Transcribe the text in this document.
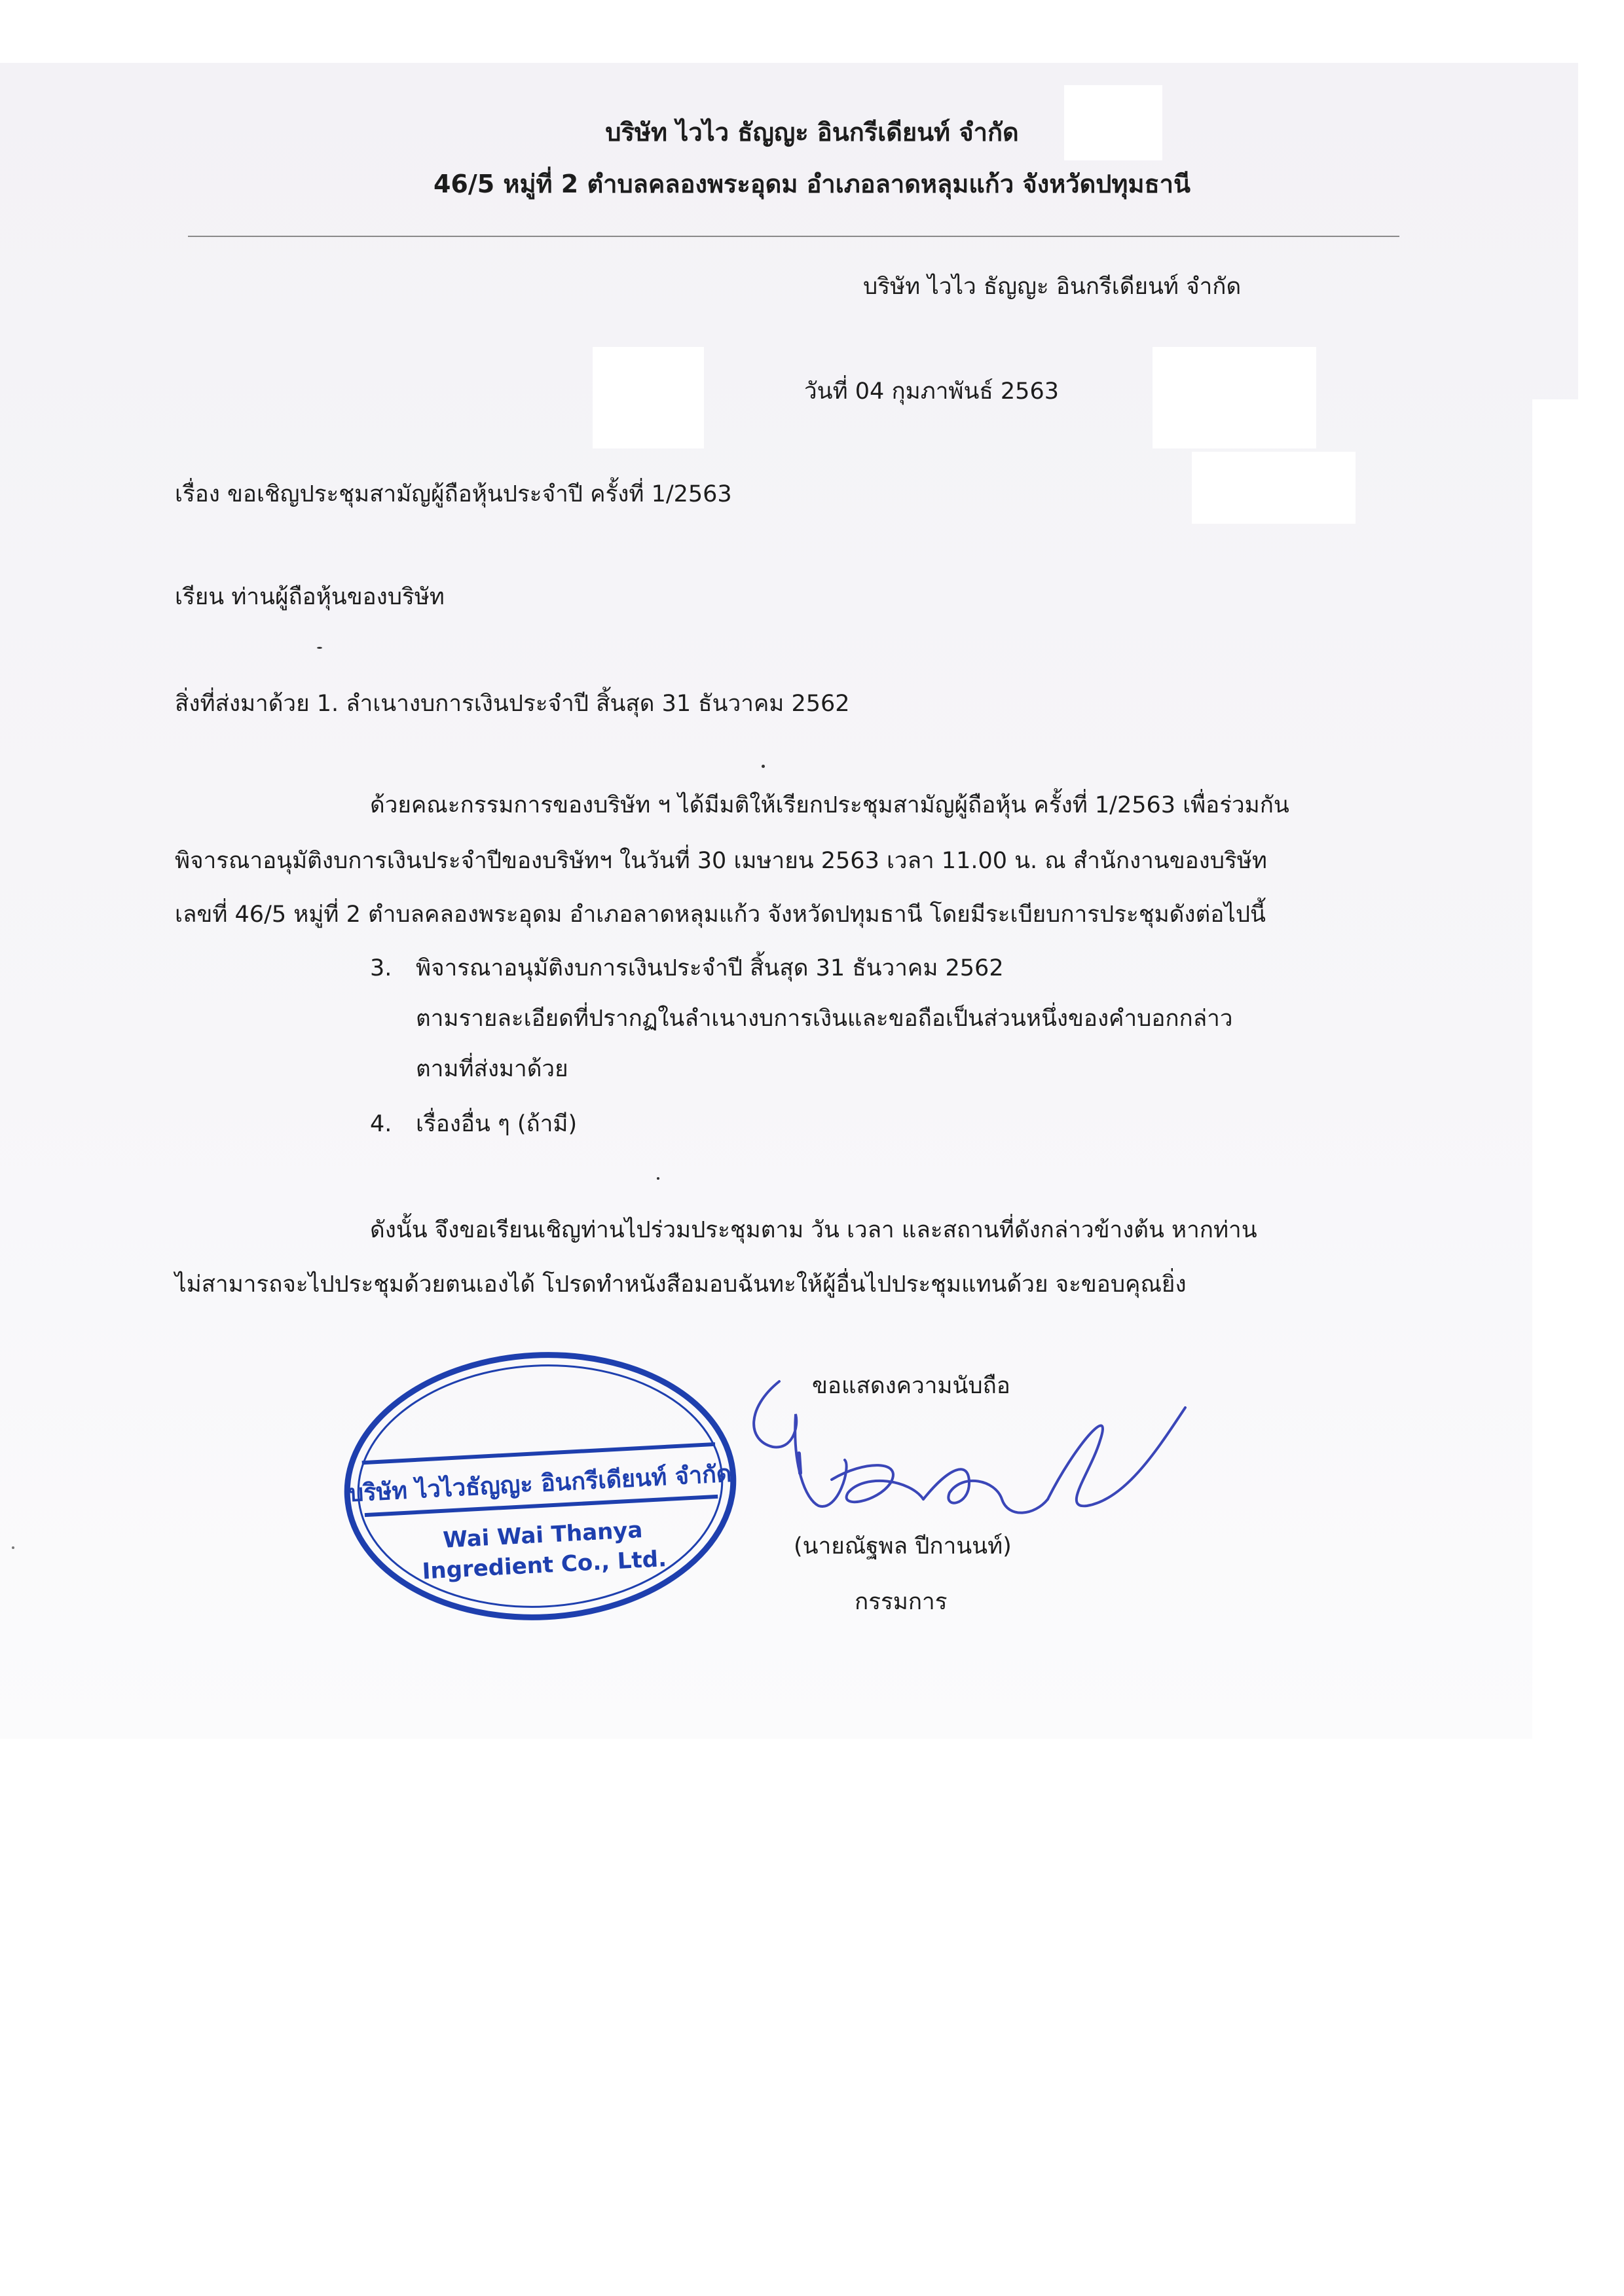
บริษัท ไวไว ธัญญะ อินกรีเดียนท์ จำกัด

46/5 หมู่ที่ 2 ตำบลคลองพระอุดม อำเภอลาดหลุมแก้ว จังหวัดปทุมธานี

บริษัท ไวไว ธัญญะ อินกรีเดียนท์ จำกัด

วันที่ 04 กุมภาพันธ์ 2563

เรื่อง ขอเชิญประชุมสามัญผู้ถือหุ้นประจำปี ครั้งที่ 1/2563

เรียน ท่านผู้ถือหุ้นของบริษัท

สิ่งที่ส่งมาด้วย 1. ลำเนางบการเงินประจำปี สิ้นสุด 31 ธันวาคม 2562

ด้วยคณะกรรมการของบริษัท ฯ ได้มีมติให้เรียกประชุมสามัญผู้ถือหุ้น ครั้งที่ 1/2563 เพื่อร่วมกัน

พิจารณาอนุมัติงบการเงินประจำปีของบริษัทฯ ในวันที่ 30 เมษายน 2563 เวลา 11.00 น. ณ สำนักงานของบริษัท

เลขที่ 46/5 หมู่ที่ 2 ตำบลคลองพระอุดม อำเภอลาดหลุมแก้ว จังหวัดปทุมธานี โดยมีระเบียบการประชุมดังต่อไปนี้

3. พิจารณาอนุมัติงบการเงินประจำปี สิ้นสุด 31 ธันวาคม 2562

ตามรายละเอียดที่ปรากฏในลำเนางบการเงินและขอถือเป็นส่วนหนึ่งของคำบอกกล่าว

ตามที่ส่งมาด้วย

4. เรื่องอื่น ๆ (ถ้ามี)

ดังนั้น จึงขอเรียนเชิญท่านไปร่วมประชุมตาม วัน เวลา และสถานที่ดังกล่าวข้างต้น หากท่าน

ไม่สามารถจะไปประชุมด้วยตนเองได้ โปรดทำหนังสือมอบฉันทะให้ผู้อื่นไปประชุมแทนด้วย จะขอบคุณยิ่ง

ขอแสดงความนับถือ

(นายณัฐพล ปีกานนท์)

กรรมการ

บริษัท ไวไวธัญญะ อินกรีเดียนท์ จำกัด
Wai Wai Thanya
Ingredient Co., Ltd.
